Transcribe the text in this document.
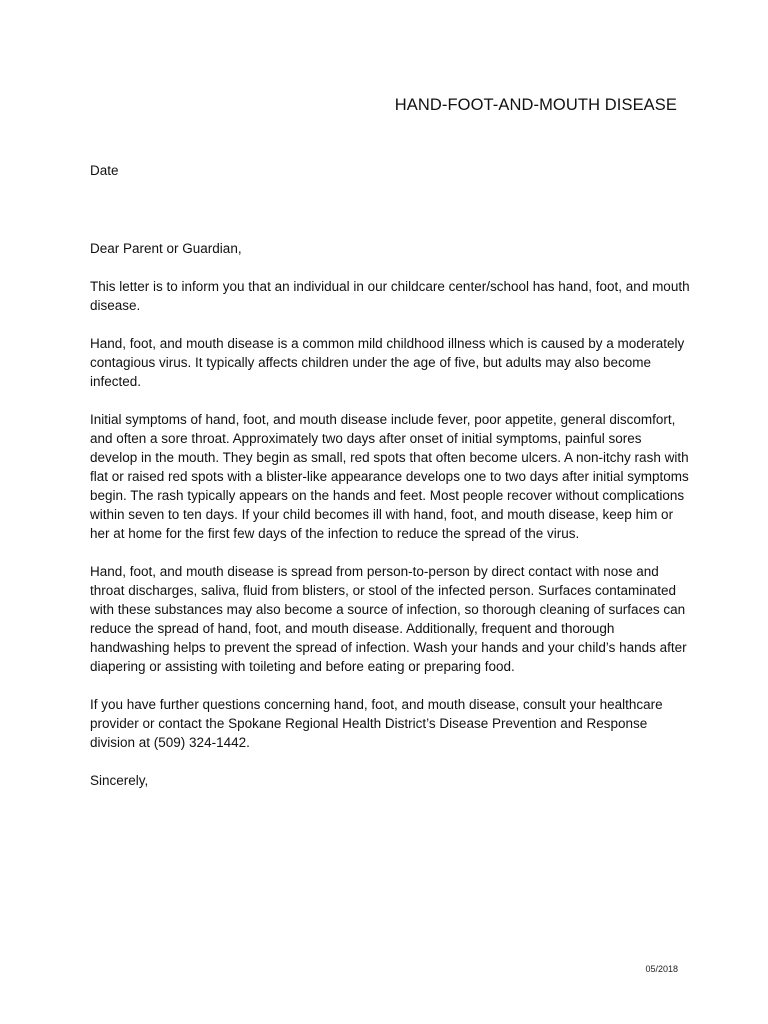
HAND-FOOT-AND-MOUTH DISEASE
Date

Dear Parent or Guardian,

This letter is to inform you that an individual in our childcare center/school has hand, foot, and mouth disease.

Hand, foot, and mouth disease is a common mild childhood illness which is caused by a moderately contagious virus. It typically affects children under the age of five, but adults may also become infected.

Initial symptoms of hand, foot, and mouth disease include fever, poor appetite, general discomfort, and often a sore throat. Approximately two days after onset of initial symptoms, painful sores develop in the mouth. They begin as small, red spots that often become ulcers. A non-itchy rash with flat or raised red spots with a blister-like appearance develops one to two days after initial symptoms begin. The rash typically appears on the hands and feet. Most people recover without complications within seven to ten days. If your child becomes ill with hand, foot, and mouth disease, keep him or her at home for the first few days of the infection to reduce the spread of the virus.

Hand, foot, and mouth disease is spread from person-to-person by direct contact with nose and throat discharges, saliva, fluid from blisters, or stool of the infected person. Surfaces contaminated with these substances may also become a source of infection, so thorough cleaning of surfaces can reduce the spread of hand, foot, and mouth disease. Additionally, frequent and thorough handwashing helps to prevent the spread of infection. Wash your hands and your child’s hands after diapering or assisting with toileting and before eating or preparing food.

If you have further questions concerning hand, foot, and mouth disease, consult your healthcare provider or contact the Spokane Regional Health District’s Disease Prevention and Response division at (509) 324-1442.

Sincerely,

05/2018
